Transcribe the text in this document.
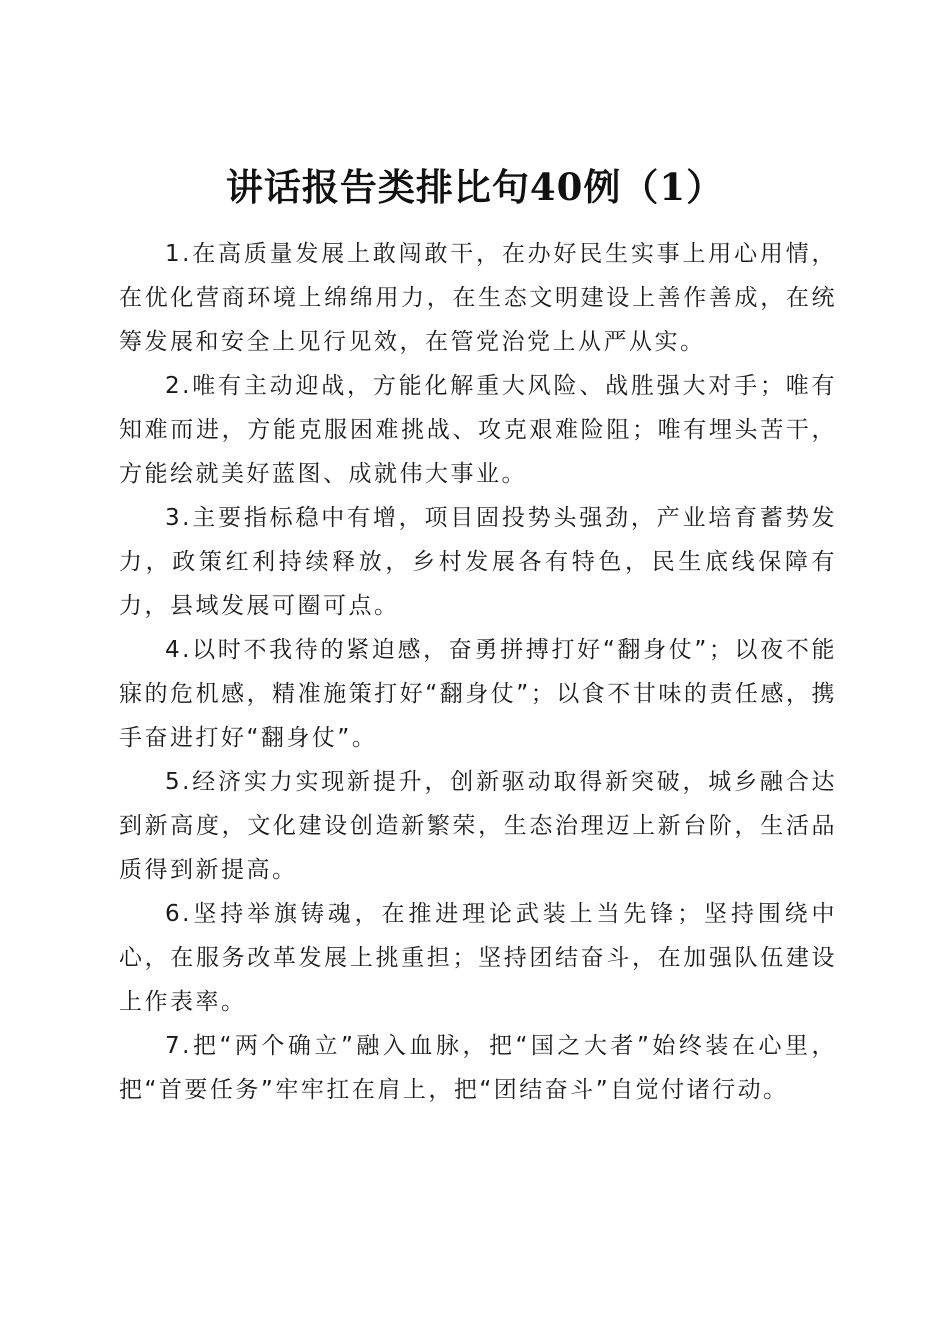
讲话报告类排比句40例（1）

1.在高质量发展上敢闯敢干，在办好民生实事上用心用情，在优化营商环境上绵绵用力，在生态文明建设上善作善成，在统筹发展和安全上见行见效，在管党治党上从严从实。

2.唯有主动迎战，方能化解重大风险、战胜强大对手；唯有知难而进，方能克服困难挑战、攻克艰难险阻；唯有埋头苦干，方能绘就美好蓝图、成就伟大事业。

3.主要指标稳中有增，项目固投势头强劲，产业培育蓄势发力，政策红利持续释放，乡村发展各有特色，民生底线保障有力，县域发展可圈可点。

4.以时不我待的紧迫感，奋勇拼搏打好“翻身仗”；以夜不能寐的危机感，精准施策打好“翻身仗”；以食不甘味的责任感，携手奋进打好“翻身仗”。

5.经济实力实现新提升，创新驱动取得新突破，城乡融合达到新高度，文化建设创造新繁荣，生态治理迈上新台阶，生活品质得到新提高。

6.坚持举旗铸魂，在推进理论武装上当先锋；坚持围绕中心，在服务改革发展上挑重担；坚持团结奋斗，在加强队伍建设上作表率。

7.把“两个确立”融入血脉，把“国之大者”始终装在心里，把“首要任务”牢牢扛在肩上，把“团结奋斗”自觉付诸行动。
